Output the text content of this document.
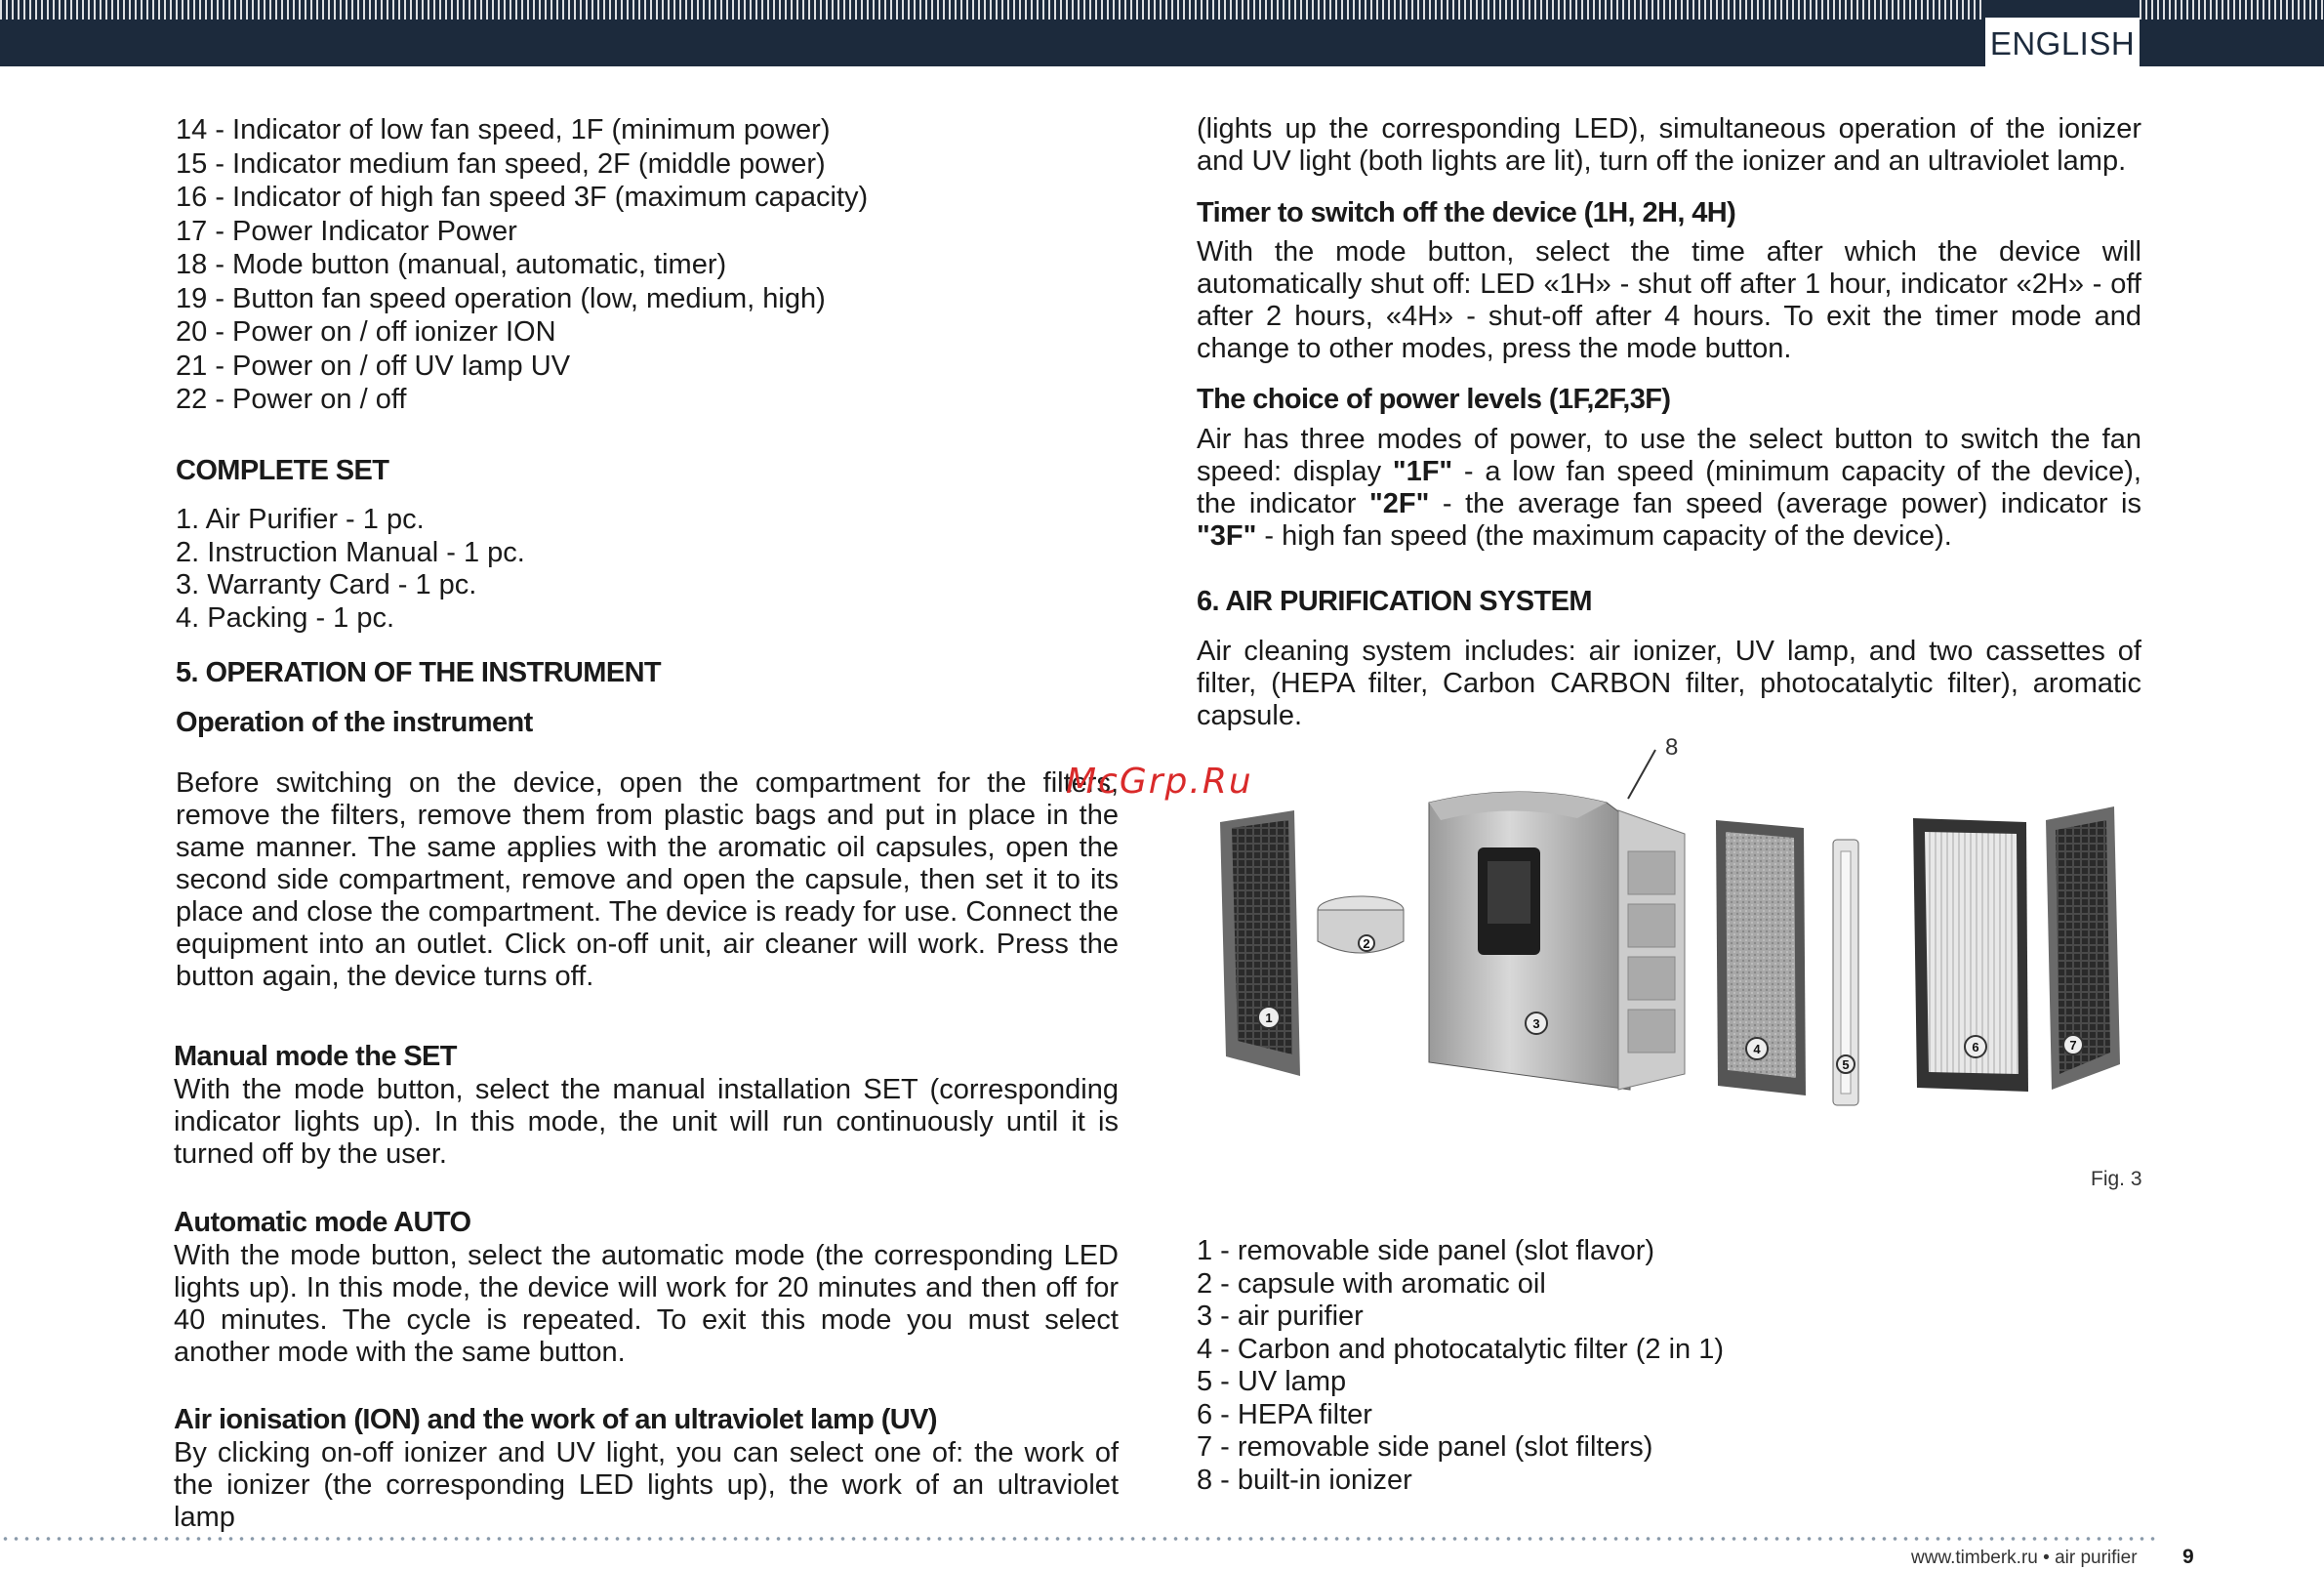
ENGLISH
14 - Indicator of low fan speed, 1F (minimum power)
15 - Indicator medium fan speed, 2F (middle power)
16 - Indicator of high fan speed 3F (maximum capacity)
17 - Power Indicator Power
18 - Mode button (manual, automatic, timer)
19 - Button fan speed operation (low, medium, high)
20 - Power on / off ionizer ION
21 - Power on / off UV lamp UV
22 - Power on / off
COMPLETE SET
1. Air Purifier - 1 pc.
2. Instruction Manual - 1 pc.
3. Warranty Card - 1 pc.
4. Packing - 1 pc.
5. OPERATION OF THE INSTRUMENT
Operation of the instrument
Before switching on the device, open the compartment for the filters, remove the filters, remove them from plastic bags and put in place in the same manner. The same applies with the aromatic oil capsules, open the second side compartment, remove and open the capsule, then set it to its place and close the compartment. The device is ready for use. Connect the equipment into an outlet. Click on-off unit, air cleaner will work. Press the button again, the device turns off.
Manual mode the SET
With the mode button, select the manual installation SET (corresponding indicator lights up). In this mode, the unit will run continuously until it is turned off by the user.
Automatic mode AUTO
With the mode button, select the automatic mode (the corresponding LED lights up). In this mode, the device will work for 20 minutes and then off for 40 minutes. The cycle is repeated. To exit this mode you must select another mode with the same button.
Air ionisation (ION) and the work of an ultraviolet lamp (UV)
By clicking on-off ionizer and UV light, you can select one of: the work of the ionizer (the corresponding LED lights up), the work of an ultraviolet lamp
McGrp.Ru
(lights up the corresponding LED), simultaneous operation of the ionizer and UV light (both lights are lit), turn off the ionizer and an ultraviolet lamp.
Timer to switch off the device (1H, 2H, 4H)
With the mode button, select the time after which the device will automatically shut off: LED «1H» - shut off after 1 hour, indicator «2H» - off after 2 hours, «4H» - shut-off after 4 hours. To exit the timer mode and change to other modes, press the mode button.
The choice of power levels (1F,2F,3F)
Air has three modes of power, to use the select button to switch the fan speed: display "1F" - a low fan speed (minimum capacity of the device), the indicator "2F" - the average fan speed (average power) indicator is "3F" - high fan speed (the maximum capacity of the device).
6. AIR PURIFICATION SYSTEM
Air cleaning system includes: air ionizer, UV lamp, and two cassettes of filter, (HEPA filter, Carbon CARBON filter, photocatalytic filter), aromatic capsule.
8
1
2
3
4
5
6	7
Fig. 3
1 - removable side panel (slot flavor)
2 - capsule with aromatic oil
3 - air purifier
4 - Carbon and photocatalytic filter (2 in 1)
5 - UV lamp
6 - HEPA filter
7 - removable side panel (slot filters)
8 - built-in ionizer
www.timberk.ru • air purifier 9
